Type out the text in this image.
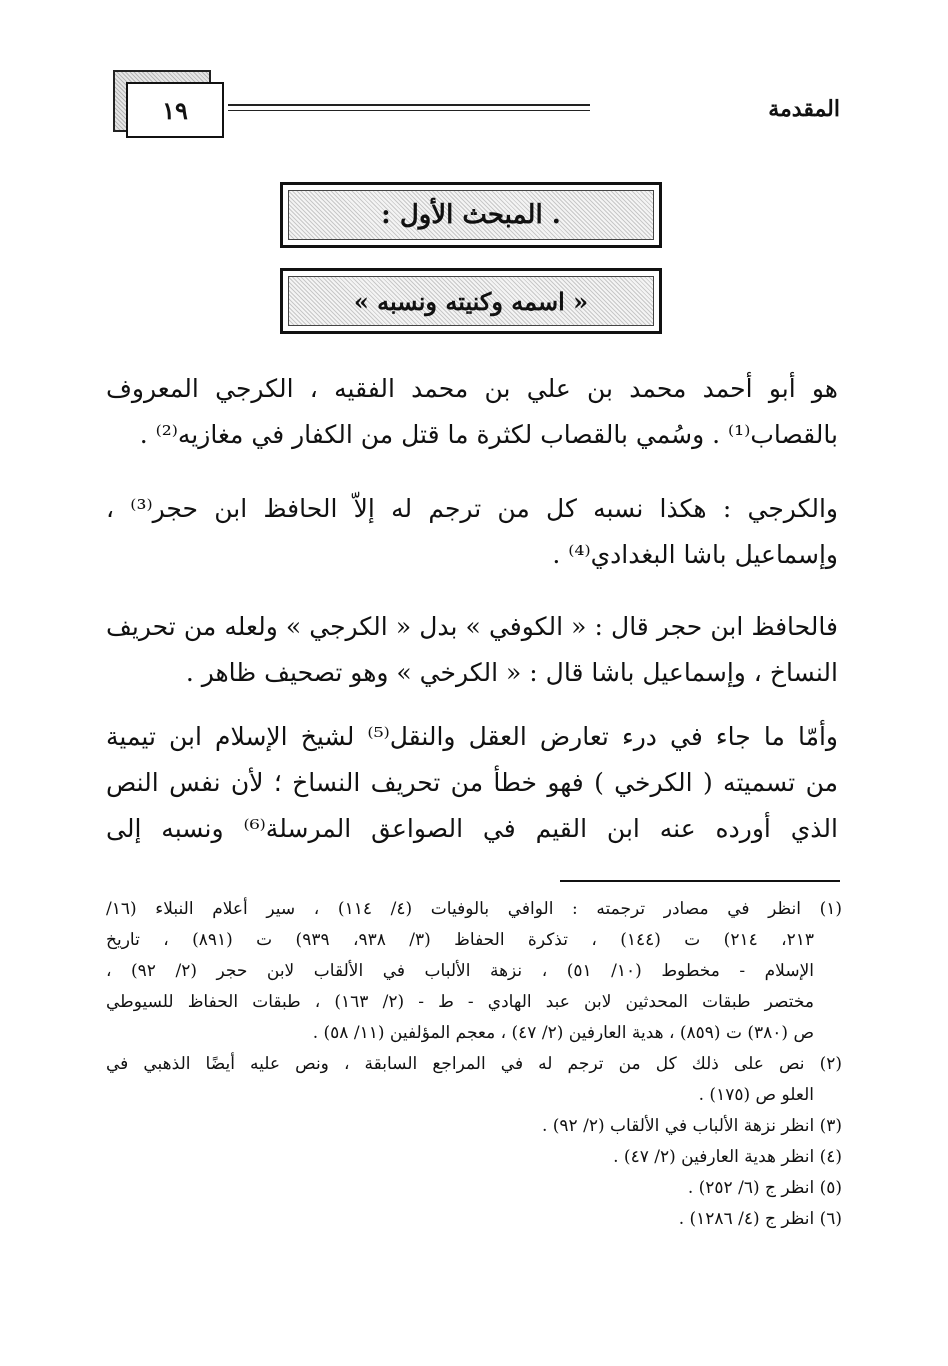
المقدمة
١٩
. المبحث الأول :
« اسمه وكنيته ونسبه »
هو أبو أحمد محمد بن علي بن محمد الفقيه ، الكرجي المعروف
بالقصاب⁽¹⁾ . وسُمي بالقصاب لكثرة ما قتل من الكفار في مغازيه⁽²⁾ .
والكرجي : هكذا نسبه كل من ترجم له إلاّ الحافظ ابن حجر⁽³⁾ ،
وإسماعيل باشا البغدادي⁽⁴⁾ .
فالحافظ ابن حجر قال : « الكوفي » بدل « الكرجي » ولعله من تحريف
النساخ ، وإسماعيل باشا قال : « الكرخي » وهو تصحيف ظاهر .
وأمّا ما جاء في درء تعارض العقل والنقل⁽⁵⁾ لشيخ الإسلام ابن تيمية
من تسميته ( الكرخي ) فهو خطأ من تحريف النساخ ؛ لأن نفس النص
الذي أورده عنه ابن القيم في الصواعق المرسلة⁽⁶⁾ ونسبه إلى
(١) انظر في مصادر ترجمته : الوافي بالوفيات (٤/ ١١٤) ، سير أعلام النبلاء (١٦/
٢١٣، ٢١٤) ت (١٤٤) ، تذكرة الحفاظ (٣/ ٩٣٨، ٩٣٩) ت (٨٩١) ، تاريخ
الإسلام - مخطوط (١٠/ ٥١) ، نزهة الألباب في الألقاب لابن حجر (٢/ ٩٢) ،
مختصر طبقات المحدثين لابن عبد الهادي - ط - (٢/ ١٦٣) ، طبقات الحفاظ للسيوطي
ص (٣٨٠) ت (٨٥٩) ، هدية العارفين (٢/ ٤٧) ، معجم المؤلفين (١١/ ٥٨) .
(٢) نص على ذلك كل من ترجم له في المراجع السابقة ، ونص عليه أيضًا الذهبي في
العلو ص (١٧٥) .
(٣) انظر نزهة الألباب في الألقاب (٢/ ٩٢) .
(٤) انظر هدية العارفين (٢/ ٤٧) .
(٥) انظر ج (٦/ ٢٥٢) .
(٦) انظر ج (٤/ ١٢٨٦) .
